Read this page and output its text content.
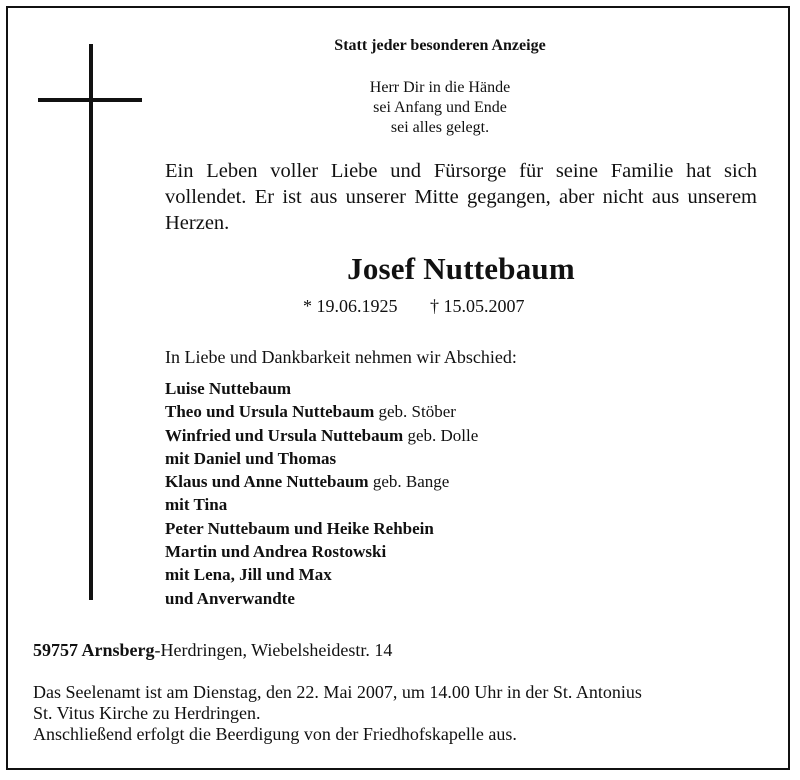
Statt jeder besonderen Anzeige
Herr Dir in die Hände
sei Anfang und Ende
sei alles gelegt.
Ein Leben voller Liebe und Fürsorge für seine Familie hat sich vollendet. Er ist aus unserer Mitte gegangen, aber nicht aus unserem Herzen.
Josef Nuttebaum
* 19.06.1925 † 15.05.2007
In Liebe und Dankbarkeit nehmen wir Abschied:
Luise Nuttebaum
Theo und Ursula Nuttebaum geb. Stöber
Winfried und Ursula Nuttebaum geb. Dolle
mit Daniel und Thomas
Klaus und Anne Nuttebaum geb. Bange
mit Tina
Peter Nuttebaum und Heike Rehbein
Martin und Andrea Rostowski
mit Lena, Jill und Max
und Anverwandte
59757 Arnsberg-Herdringen, Wiebelsheidestr. 14
Das Seelenamt ist am Dienstag, den 22. Mai 2007, um 14.00 Uhr in der St. Antonius
St. Vitus Kirche zu Herdringen.
Anschließend erfolgt die Beerdigung von der Friedhofskapelle aus.
